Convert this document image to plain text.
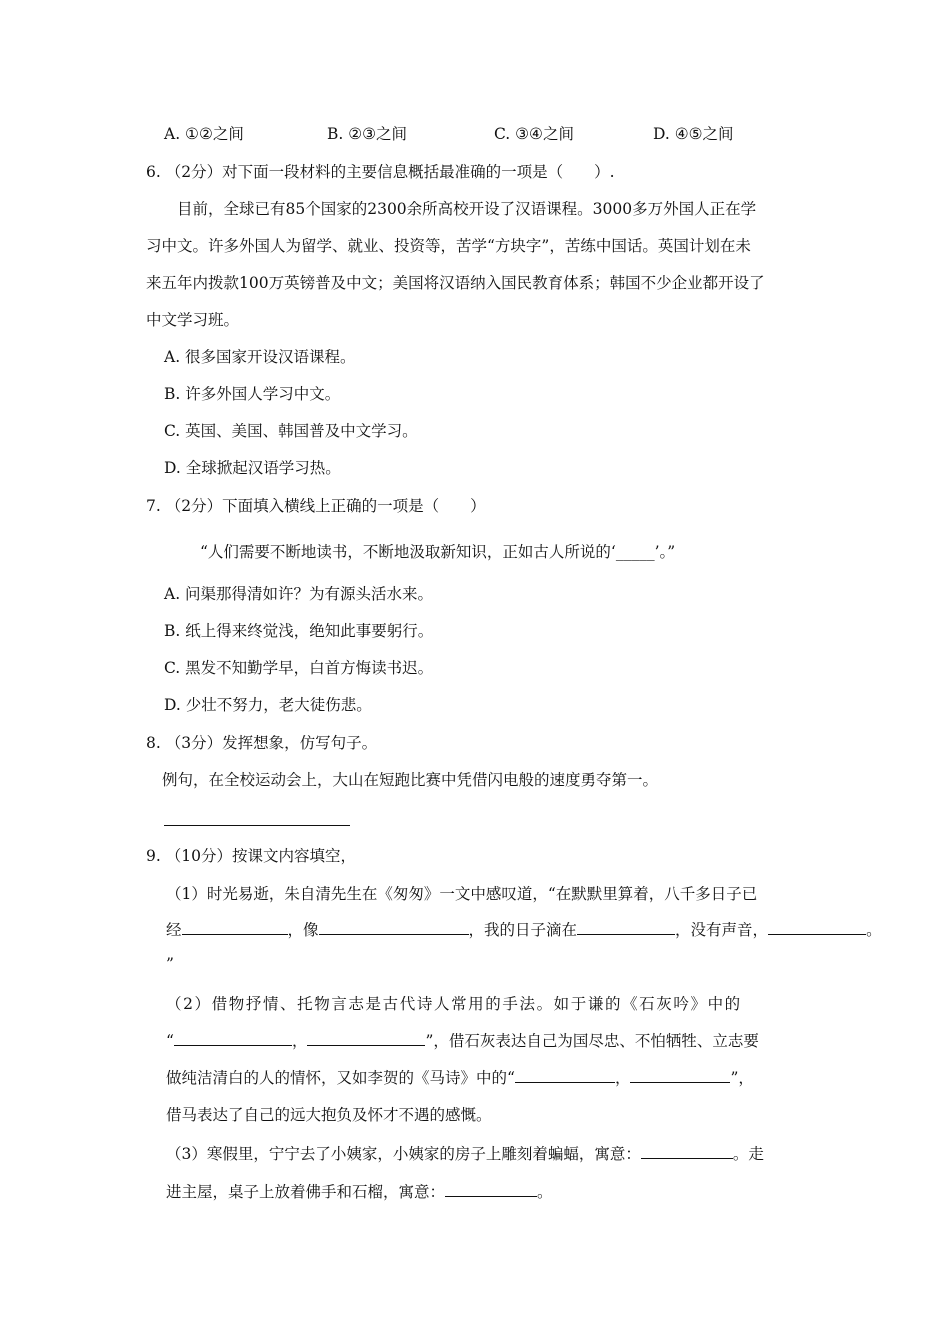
A. ①②之间	B. ②③之间	C. ③④之间	D. ④⑤之间
6. （2分）对下面一段材料的主要信息概括最准确的一项是（　　）.
目前，全球已有85个国家的2300余所高校开设了汉语课程。3000多万外国人正在学
习中文。许多外国人为留学、就业、投资等，苦学“方块字”，苦练中国话。英国计划在未
来五年内拨款100万英镑普及中文；美国将汉语纳入国民教育体系；韩国不少企业都开设了
中文学习班。
A. 很多国家开设汉语课程。
B. 许多外国人学习中文。
C. 英国、美国、韩国普及中文学习。
D. 全球掀起汉语学习热。
7. （2分）下面填入横线上正确的一项是（　　）
“人们需要不断地读书，不断地汲取新知识，正如古人所说的‘_____’。”
A. 问渠那得清如许？为有源头活水来。
B. 纸上得来终觉浅，绝知此事要躬行。
C. 黑发不知勤学早，白首方悔读书迟。
D. 少壮不努力，老大徒伤悲。
8. （3分）发挥想象，仿写句子。
例句，在全校运动会上，大山在短跑比赛中凭借闪电般的速度勇夺第一。
9. （10分）按课文内容填空，
（1）时光易逝，朱自清先生在《匆匆》一文中感叹道，“在默默里算着，八千多日子已
经	，像	，我的日子滴在	，没有声音，	。
”
（2）借物抒情、托物言志是古代诗人常用的手法。如于谦的《石灰吟》中的
“	，	”，借石灰表达自己为国尽忠、不怕牺牲、立志要
做纯洁清白的人的情怀，又如李贺的《马诗》中的“	，	”，
借马表达了自己的远大抱负及怀才不遇的感慨。
（3）寒假里，宁宁去了小姨家，小姨家的房子上雕刻着蝙蝠，寓意：	。走
进主屋，桌子上放着佛手和石榴，寓意：	。
